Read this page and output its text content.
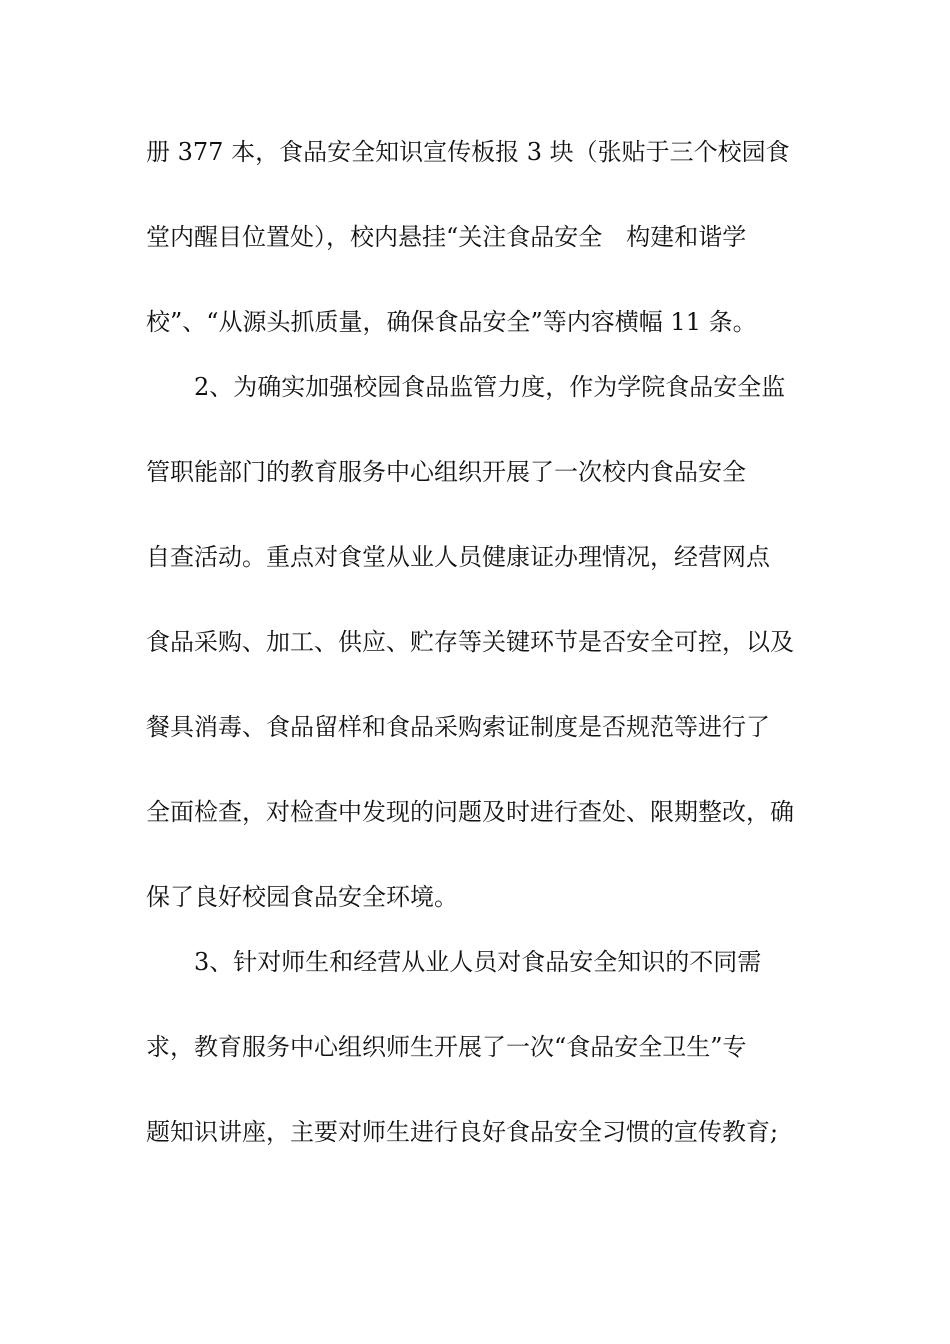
册 377 本，食品安全知识宣传板报 3 块（张贴于三个校园食
堂内醒目位置处），校内悬挂“关注食品安全　构建和谐学
校”、“从源头抓质量，确保食品安全”等内容横幅 11 条。
2、为确实加强校园食品监管力度，作为学院食品安全监
管职能部门的教育服务中心组织开展了一次校内食品安全
自查活动。重点对食堂从业人员健康证办理情况，经营网点
食品采购、加工、供应、贮存等关键环节是否安全可控，以及
餐具消毒、食品留样和食品采购索证制度是否规范等进行了
全面检查，对检查中发现的问题及时进行查处、限期整改，确
保了良好校园食品安全环境。
3、针对师生和经营从业人员对食品安全知识的不同需
求，教育服务中心组织师生开展了一次“食品安全卫生”专
题知识讲座，主要对师生进行良好食品安全习惯的宣传教育;
